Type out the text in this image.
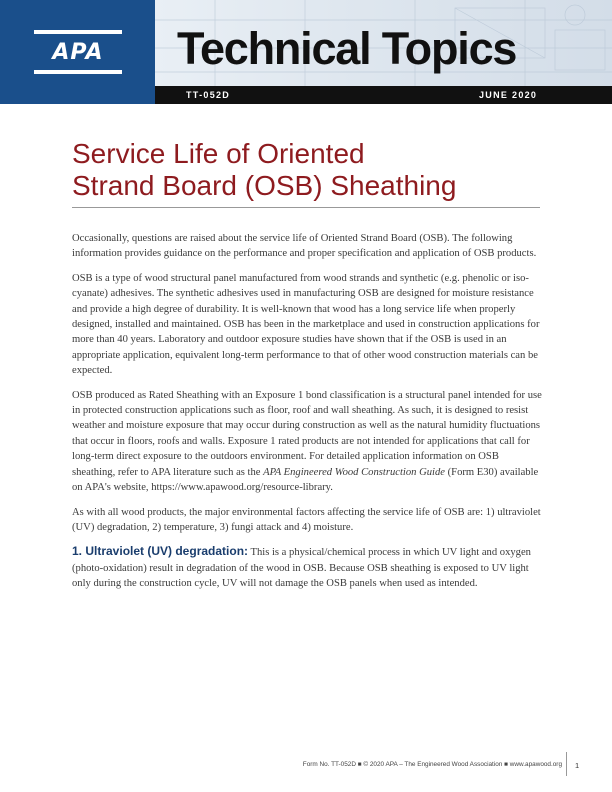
APA	Technical Topics
TT-052D	JUNE 2020
Service Life of Oriented
Strand Board (OSB) Sheathing

Occasionally, questions are raised about the service life of Oriented Strand Board (OSB). The following information provides guidance on the performance and proper specification and application of OSB products.

OSB is a type of wood structural panel manufactured from wood strands and synthetic (e.g. phenolic or iso-cyanate) adhesives. The synthetic adhesives used in manufacturing OSB are designed for moisture resistance and provide a high degree of durability. It is well-known that wood has a long service life when properly designed, installed and maintained. OSB has been in the marketplace and used in construction applications for more than 40 years. Laboratory and outdoor exposure studies have shown that if the OSB is used in an appropriate application, equivalent long-term performance to that of other wood construction materials can be expected.

OSB produced as Rated Sheathing with an Exposure 1 bond classification is a structural panel intended for use in protected construction applications such as floor, roof and wall sheathing. As such, it is designed to resist weather and moisture exposure that may occur during construction as well as the natural humidity fluctuations that occur in floors, roofs and walls. Exposure 1 rated products are not intended for applications that call for long-term direct exposure to the outdoors environment. For detailed application information on OSB sheathing, refer to APA literature such as the APA Engineered Wood Construction Guide (Form E30) available on APA's website, https://www.apawood.org/resource-library.

As with all wood products, the major environmental factors affecting the service life of OSB are: 1) ultraviolet (UV) degradation, 2) temperature, 3) fungi attack and 4) moisture.

1. Ultraviolet (UV) degradation: This is a physical/chemical process in which UV light and oxygen (photo-oxidation) result in degradation of the wood in OSB. Because OSB sheathing is exposed to UV light only during the construction cycle, UV will not damage the OSB panels when used as intended.

Form No. TT-052D ■ © 2020 APA – The Engineered Wood Association ■ www.apawood.org 1
